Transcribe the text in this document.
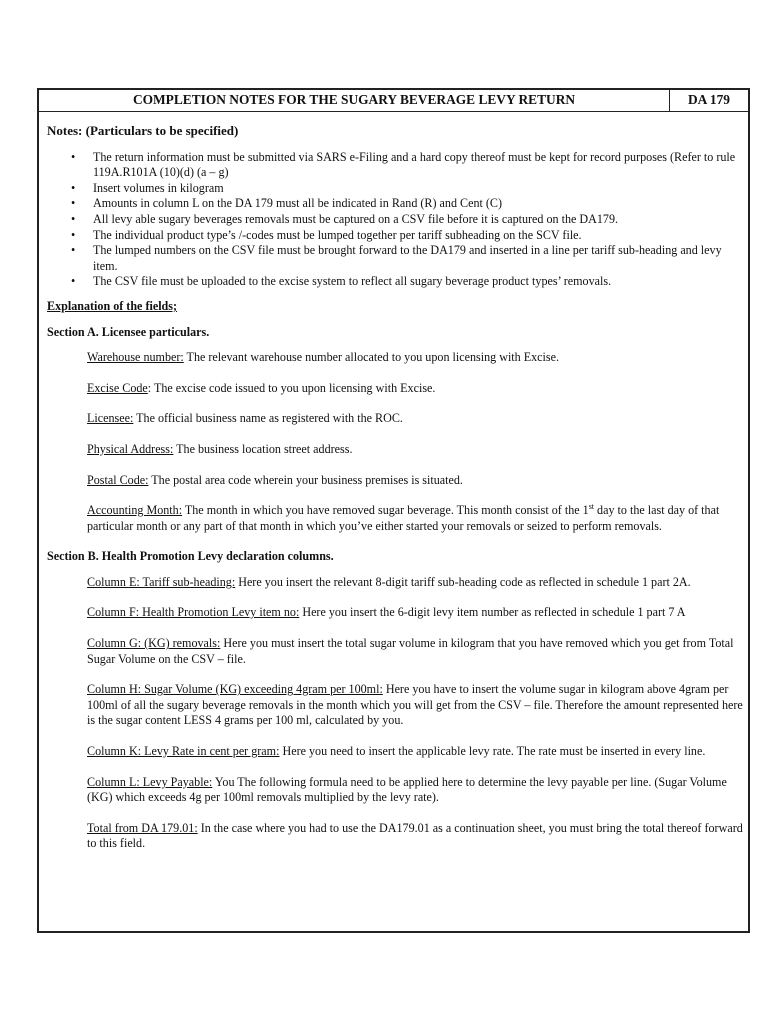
COMPLETION NOTES FOR THE SUGARY BEVERAGE LEVY RETURN	DA 179
Notes: (Particulars to be specified)
• The return information must be submitted via SARS e-Filing and a hard copy thereof must be kept for record purposes (Refer to rule 119A.R101A (10)(d) (a – g)
• Insert volumes in kilogram
• Amounts in column L on the DA 179 must all be indicated in Rand (R) and Cent (C)
• All levy able sugary beverages removals must be captured on a CSV file before it is captured on the DA179.
• The individual product type’s /-codes must be lumped together per tariff subheading on the SCV file.
• The lumped numbers on the CSV file must be brought forward to the DA179 and inserted in a line per tariff sub-heading and levy item.
• The CSV file must be uploaded to the excise system to reflect all sugary beverage product types’ removals.
Explanation of the fields;
Section A. Licensee particulars.
Warehouse number: The relevant warehouse number allocated to you upon licensing with Excise.
Excise Code: The excise code issued to you upon licensing with Excise.
Licensee: The official business name as registered with the ROC.
Physical Address: The business location street address.
Postal Code: The postal area code wherein your business premises is situated.
Accounting Month: The month in which you have removed sugar beverage. This month consist of the 1st day to the last day of that particular month or any part of that month in which you’ve either started your removals or seized to perform removals.
Section B. Health Promotion Levy declaration columns.
Column E: Tariff sub-heading: Here you insert the relevant 8-digit tariff sub-heading code as reflected in schedule 1 part 2A.
Column F: Health Promotion Levy item no: Here you insert the 6-digit levy item number as reflected in schedule 1 part 7 A
Column G: (KG) removals: Here you must insert the total sugar volume in kilogram that you have removed which you get from Total Sugar Volume on the CSV – file.
Column H: Sugar Volume (KG) exceeding 4gram per 100ml: Here you have to insert the volume sugar in kilogram above 4gram per 100ml of all the sugary beverage removals in the month which you will get from the CSV – file. Therefore the amount represented here is the sugar content LESS 4 grams per 100 ml, calculated by you.
Column K: Levy Rate in cent per gram: Here you need to insert the applicable levy rate. The rate must be inserted in every line.
Column L: Levy Payable: You The following formula need to be applied here to determine the levy payable per line. (Sugar Volume (KG) which exceeds 4g per 100ml removals multiplied by the levy rate).
Total from DA 179.01: In the case where you had to use the DA179.01 as a continuation sheet, you must bring the total thereof forward to this field.
